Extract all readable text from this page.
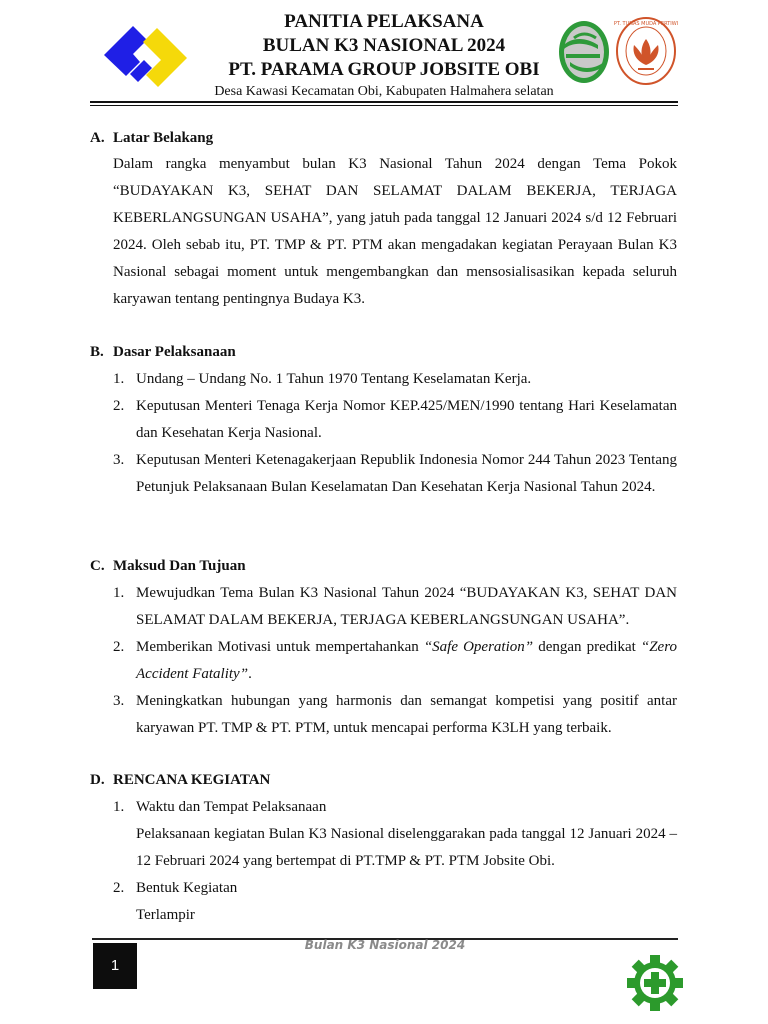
PANITIA PELAKSANA
BULAN K3 NASIONAL 2024
PT. PARAMA GROUP JOBSITE OBI
Desa Kawasi Kecamatan Obi, Kabupaten Halmahera selatan
PT. TUNAS MUDA PERTIWI
A. Latar Belakang
Dalam rangka menyambut bulan K3 Nasional Tahun 2024 dengan Tema Pokok “BUDAYAKAN K3, SEHAT DAN SELAMAT DALAM BEKERJA, TERJAGA KEBERLANGSUNGAN USAHA”, yang jatuh pada tanggal 12 Januari 2024 s/d 12 Februari 2024. Oleh sebab itu, PT. TMP & PT. PTM akan mengadakan kegiatan Perayaan Bulan K3 Nasional sebagai moment untuk mengembangkan dan mensosialisasikan kepada seluruh karyawan tentang pentingnya Budaya K3.
B. Dasar Pelaksanaan
1. Undang – Undang No. 1 Tahun 1970 Tentang Keselamatan Kerja.
2. Keputusan Menteri Tenaga Kerja Nomor KEP.425/MEN/1990 tentang Hari Keselamatan dan Kesehatan Kerja Nasional.
3. Keputusan Menteri Ketenagakerjaan Republik Indonesia Nomor 244 Tahun 2023 Tentang Petunjuk Pelaksanaan Bulan Keselamatan Dan Kesehatan Kerja Nasional Tahun 2024.
C. Maksud Dan Tujuan
1. Mewujudkan Tema Bulan K3 Nasional Tahun 2024 “BUDAYAKAN K3, SEHAT DAN SELAMAT DALAM BEKERJA, TERJAGA KEBERLANGSUNGAN USAHA”.
2. Memberikan Motivasi untuk mempertahankan “Safe Operation” dengan predikat “Zero Accident Fatality”.
3. Meningkatkan hubungan yang harmonis dan semangat kompetisi yang positif antar karyawan PT. TMP & PT. PTM, untuk mencapai performa K3LH yang terbaik.
D. RENCANA KEGIATAN
1. Waktu dan Tempat Pelaksanaan
Pelaksanaan kegiatan Bulan K3 Nasional diselenggarakan pada tanggal 12 Januari 2024 – 12 Februari 2024 yang bertempat di PT.TMP & PT. PTM Jobsite Obi.
2. Bentuk Kegiatan
Terlampir
Bulan K3 Nasional 2024
1
